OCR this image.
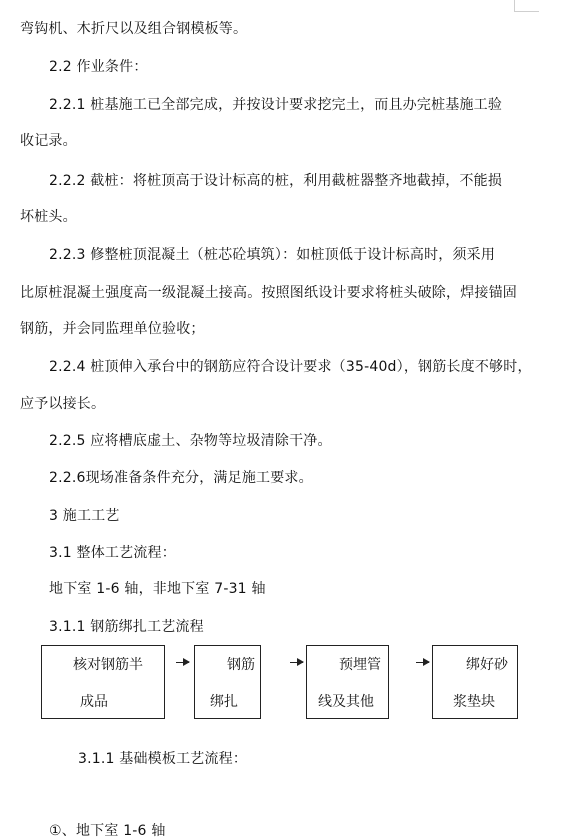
弯钩机、木折尺以及组合钢模板等。
2.2 作业条件：
2.2.1 桩基施工已全部完成，并按设计要求挖完土，而且办完桩基施工验
收记录。
2.2.2 截桩：将桩顶高于设计标高的桩，利用截桩器整齐地截掉，不能损
坏桩头。
2.2.3 修整桩顶混凝土（桩芯砼填筑）：如桩顶低于设计标高时，须采用
比原桩混凝土强度高一级混凝土接高。按照图纸设计要求将桩头破除，焊接锚固
钢筋，并会同监理单位验收；
2.2.4 桩顶伸入承台中的钢筋应符合设计要求（35-40d），钢筋长度不够时，
应予以接长。
2.2.5 应将槽底虚土、杂物等垃圾清除干净。
2.2.6现场准备条件充分，满足施工要求。
3 施工工艺
3.1 整体工艺流程：
地下室 1-6 轴，非地下室 7-31 轴
3.1.1 钢筋绑扎工艺流程
核对钢筋半
成品
钢筋
绑扎
预埋管
线及其他
绑好砂
浆垫块
3.1.1 基础模板工艺流程：
①、地下室 1-6 轴
